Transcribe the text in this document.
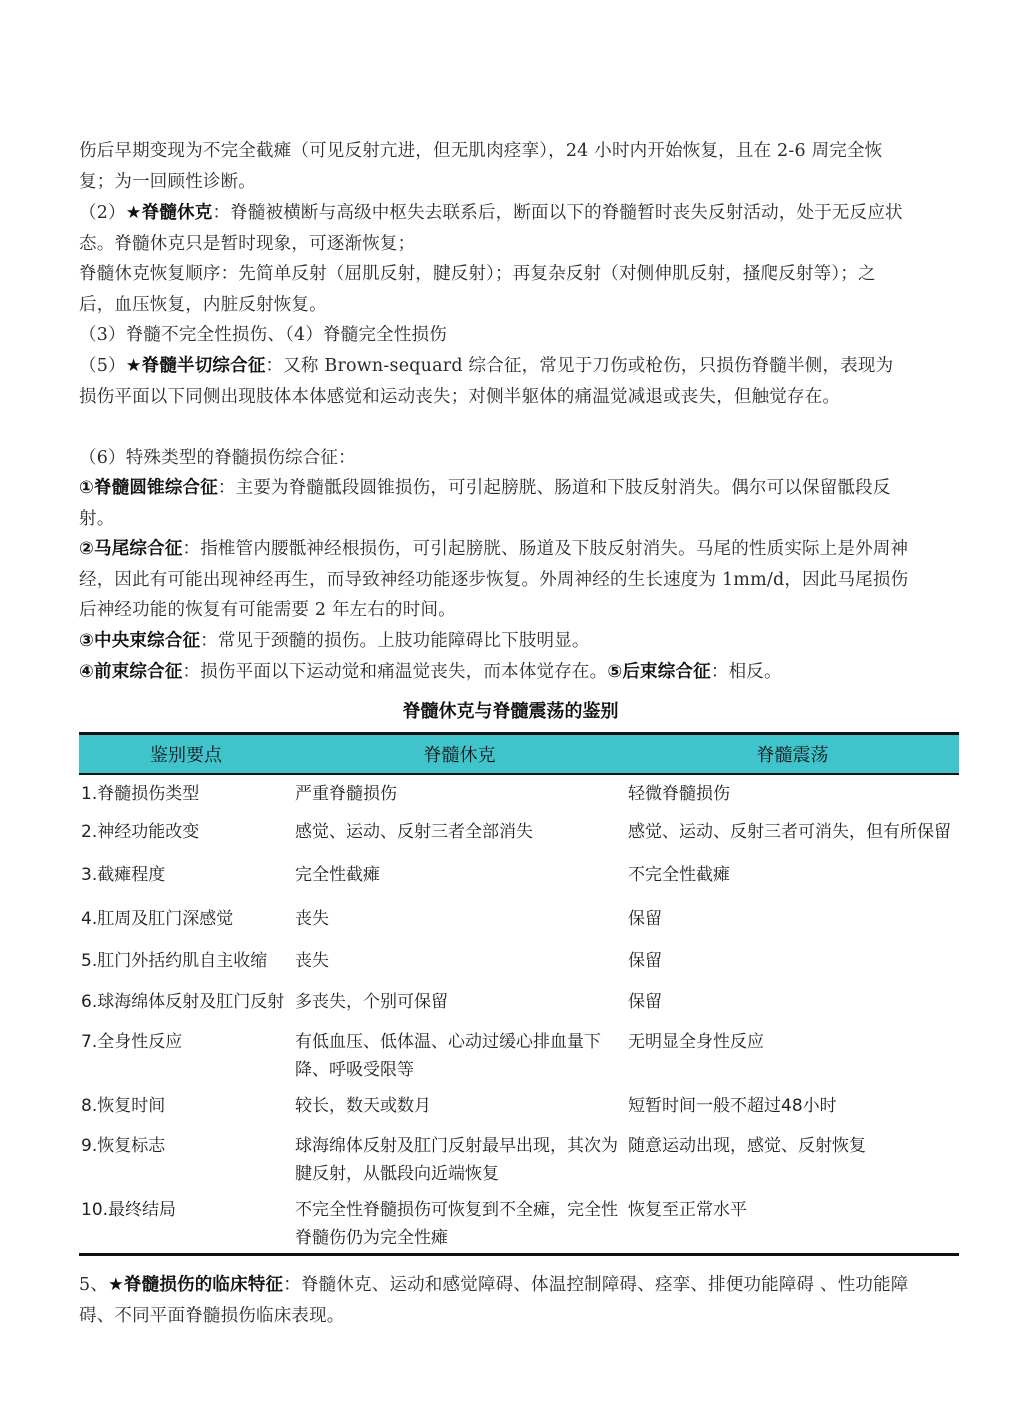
伤后早期变现为不完全截瘫（可见反射亢进，但无肌肉痉挛），24 小时内开始恢复，且在 2-6 周完全恢复；为一回顾性诊断。

（2）★脊髓休克：脊髓被横断与高级中枢失去联系后，断面以下的脊髓暂时丧失反射活动，处于无反应状态。脊髓休克只是暂时现象，可逐渐恢复；

脊髓休克恢复顺序：先简单反射（屈肌反射，腱反射）；再复杂反射（对侧伸肌反射，搔爬反射等）；之后，血压恢复，内脏反射恢复。

（3）脊髓不完全性损伤、（4）脊髓完全性损伤

（5）★脊髓半切综合征：又称 Brown-sequard 综合征，常见于刀伤或枪伤，只损伤脊髓半侧，表现为损伤平面以下同侧出现肢体本体感觉和运动丧失；对侧半躯体的痛温觉减退或丧失，但触觉存在。

（6）特殊类型的脊髓损伤综合征：

①脊髓圆锥综合征：主要为脊髓骶段圆锥损伤，可引起膀胱、肠道和下肢反射消失。偶尔可以保留骶段反射。

②马尾综合征：指椎管内腰骶神经根损伤，可引起膀胱、肠道及下肢反射消失。马尾的性质实际上是外周神经，因此有可能出现神经再生，而导致神经功能逐步恢复。外周神经的生长速度为 1mm/d，因此马尾损伤后神经功能的恢复有可能需要 2 年左右的时间。

③中央束综合征：常见于颈髓的损伤。上肢功能障碍比下肢明显。

④前束综合征：损伤平面以下运动觉和痛温觉丧失，而本体觉存在。⑤后束综合征：相反。

脊髓休克与脊髓震荡的鉴别
鉴别要点	脊髓休克	脊髓震荡
1.脊髓损伤类型	严重脊髓损伤	轻微脊髓损伤
2.神经功能改变	感觉、运动、反射三者全部消失	感觉、运动、反射三者可消失，但有所保留
3.截瘫程度	完全性截瘫	不完全性截瘫
4.肛周及肛门深感觉	丧失	保留
5.肛门外括约肌自主收缩	丧失	保留
6.球海绵体反射及肛门反射	多丧失，个别可保留	保留
7.全身性反应	有低血压、低体温、心动过缓心排血量下降、呼吸受限等	无明显全身性反应
8.恢复时间	较长，数天或数月	短暂时间一般不超过48小时
9.恢复标志	球海绵体反射及肛门反射最早出现，其次为腱反射，从骶段向近端恢复	随意运动出现，感觉、反射恢复
10.最终结局	不完全性脊髓损伤可恢复到不全瘫，完全性脊髓伤仍为完全性瘫	恢复至正常水平

5、★脊髓损伤的临床特征：脊髓休克、运动和感觉障碍、体温控制障碍、痉挛、排便功能障碍 、性功能障碍、不同平面脊髓损伤临床表现。
